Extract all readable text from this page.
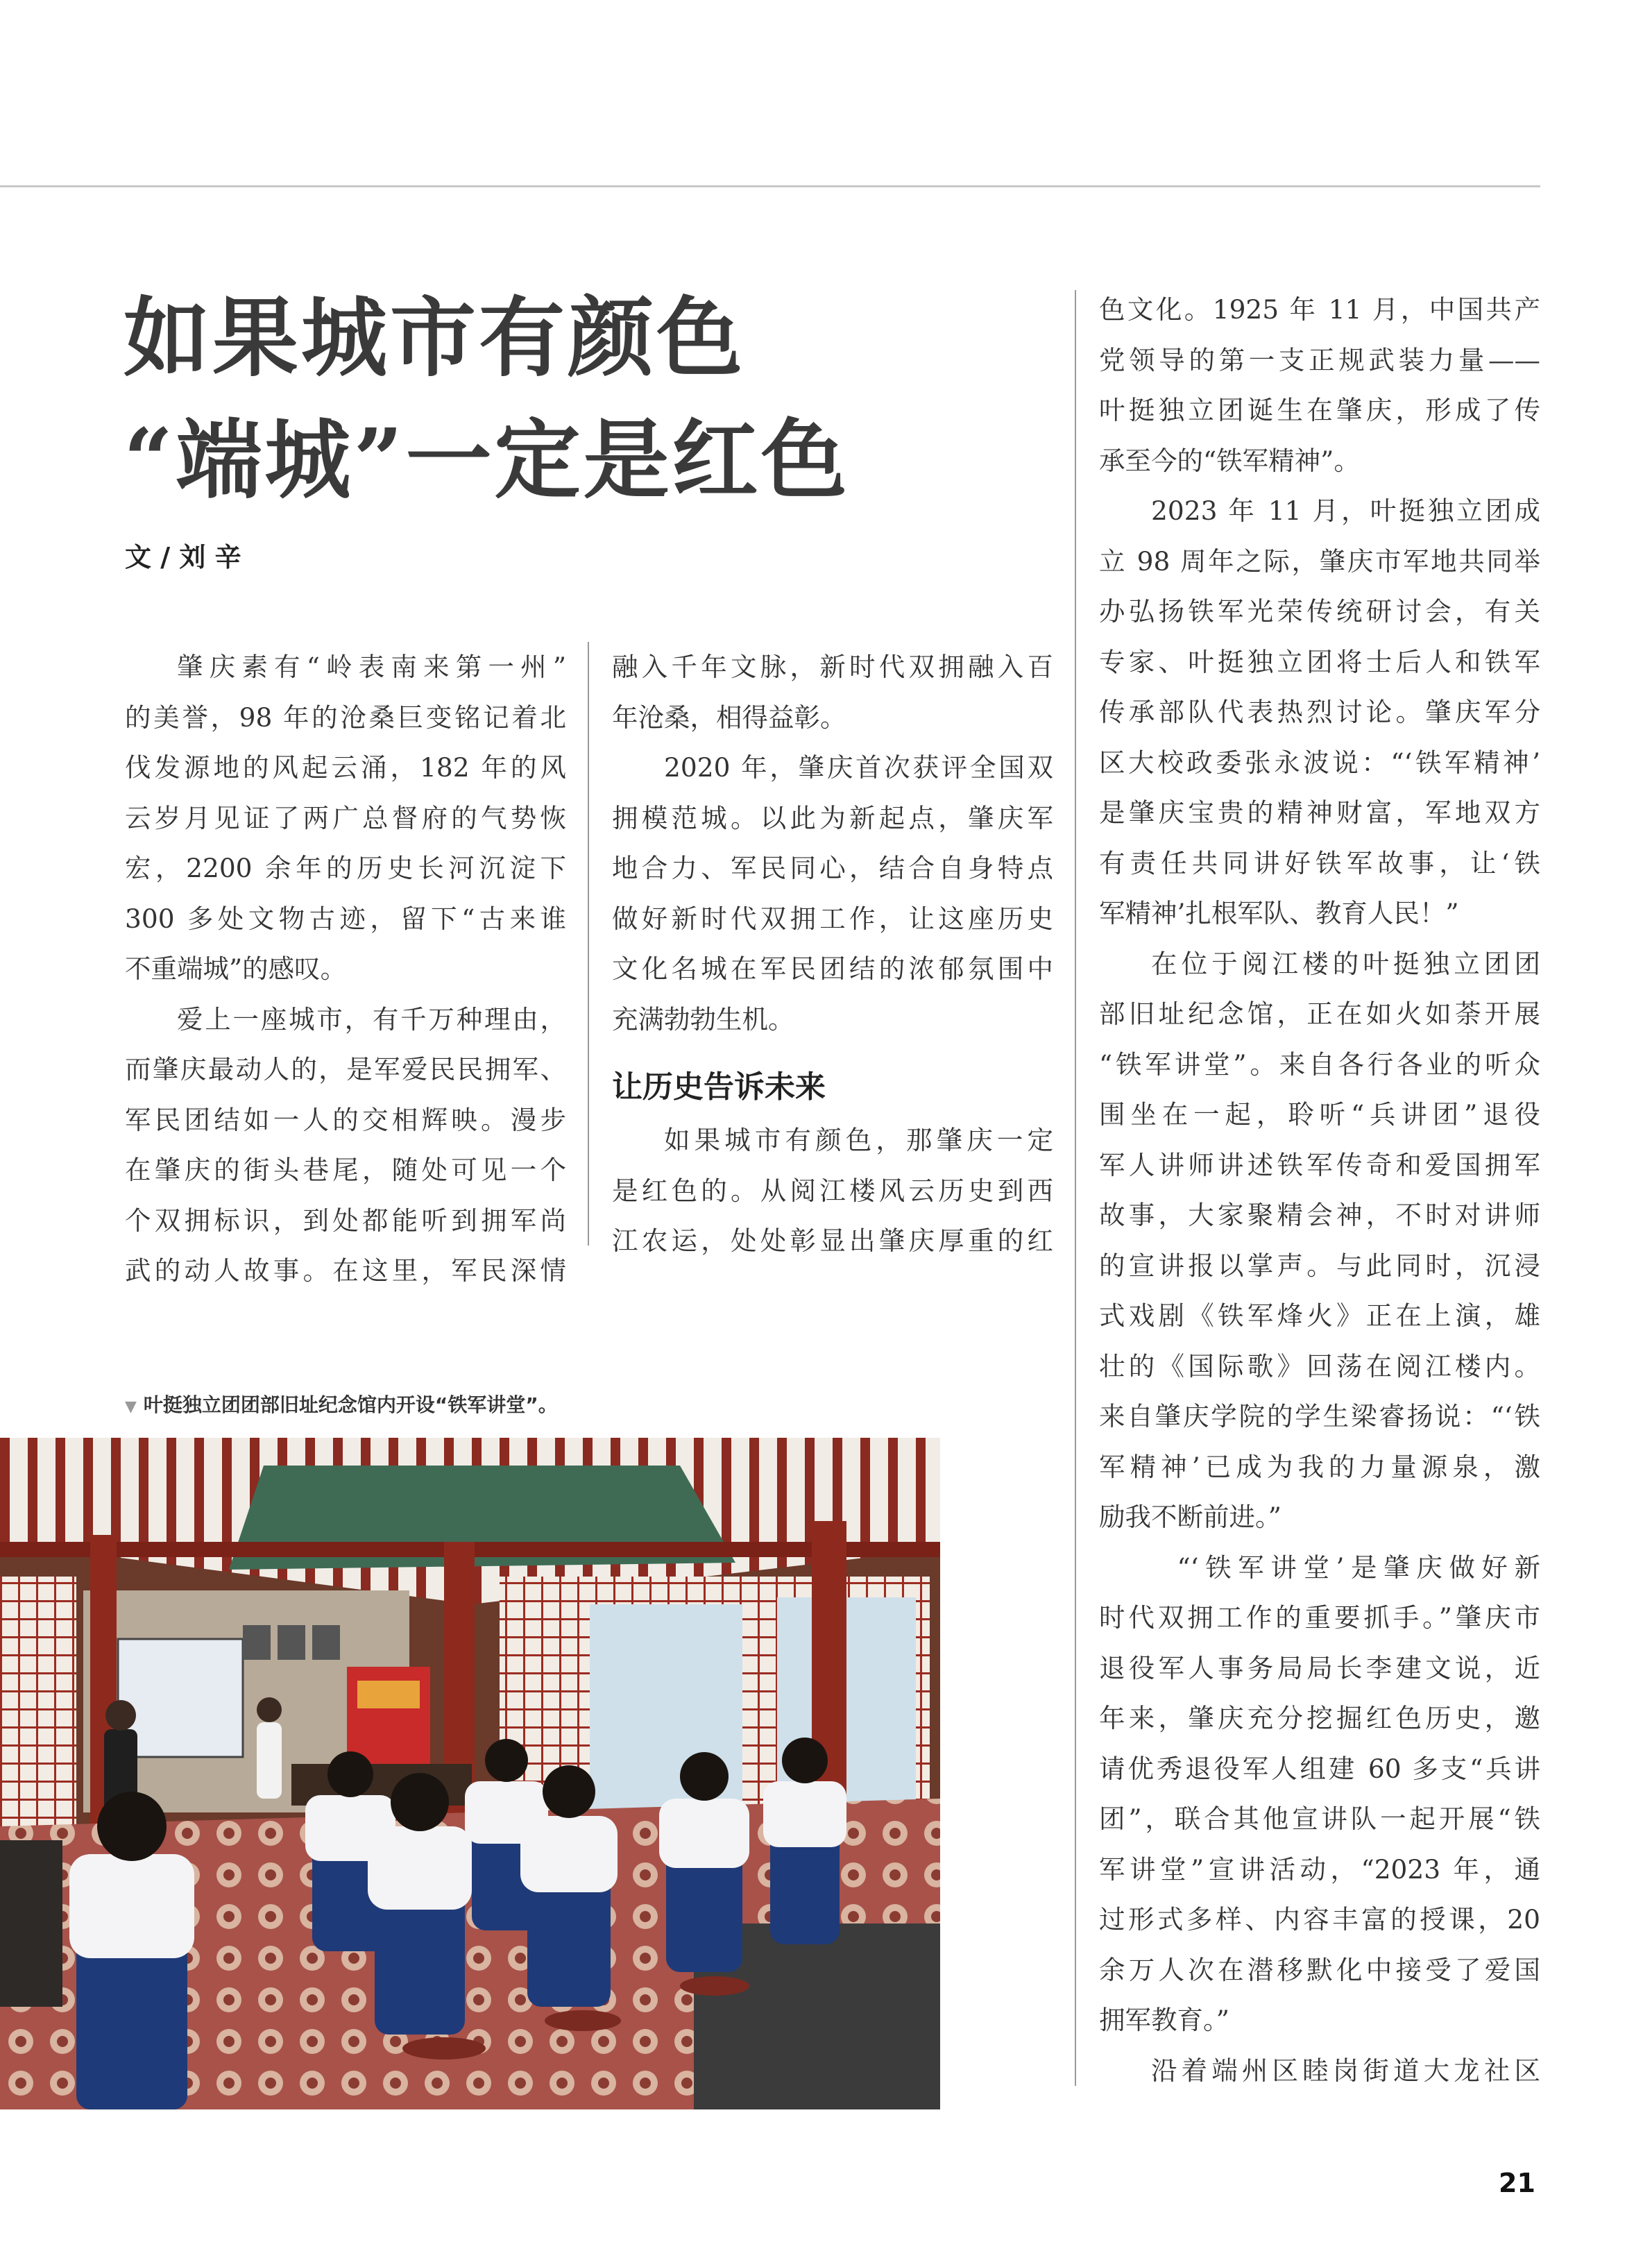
如果城市有颜色
“端城”一定是红色
文 / 刘 辛

肇庆素有“岭表南来第一州”

的美誉，98 年的沧桑巨变铭记着北

伐发源地的风起云涌，182 年的风

云岁月见证了两广总督府的气势恢

宏，2200 余年的历史长河沉淀下

300 多处文物古迹，留下“古来谁

不重端城”的感叹。

爱上一座城市，有千万种理由，

而肇庆最动人的，是军爱民民拥军、

军民团结如一人的交相辉映。漫步

在肇庆的街头巷尾，随处可见一个

个双拥标识，到处都能听到拥军尚

武的动人故事。在这里，军民深情

融入千年文脉，新时代双拥融入百

年沧桑，相得益彰。

2020 年，肇庆首次获评全国双

拥模范城。以此为新起点，肇庆军

地合力、军民同心，结合自身特点

做好新时代双拥工作，让这座历史

文化名城在军民团结的浓郁氛围中

充满勃勃生机。

让历史告诉未来

如果城市有颜色，那肇庆一定

是红色的。从阅江楼风云历史到西

江农运，处处彰显出肇庆厚重的红

色文化。1925 年 11 月，中国共产

党领导的第一支正规武装力量——

叶挺独立团诞生在肇庆，形成了传

承至今的“铁军精神”。

2023 年 11 月，叶挺独立团成

立 98 周年之际，肇庆市军地共同举

办弘扬铁军光荣传统研讨会，有关

专家、叶挺独立团将士后人和铁军

传承部队代表热烈讨论。肇庆军分

区大校政委张永波说：“‘铁军精神’

是肇庆宝贵的精神财富，军地双方

有责任共同讲好铁军故事，让‘铁

军精神’扎根军队、教育人民！”

在位于阅江楼的叶挺独立团团

部旧址纪念馆，正在如火如荼开展

“铁军讲堂”。来自各行各业的听众

围坐在一起，聆听“兵讲团”退役

军人讲师讲述铁军传奇和爱国拥军

故事，大家聚精会神，不时对讲师

的宣讲报以掌声。与此同时，沉浸

式戏剧《铁军烽火》正在上演，雄

壮的《国际歌》回荡在阅江楼内。

来自肇庆学院的学生梁睿扬说：“‘铁

军精神’已成为我的力量源泉，激

励我不断前进。”

“‘铁军讲堂’是肇庆做好新

时代双拥工作的重要抓手。”肇庆市

退役军人事务局局长李建文说，近

年来，肇庆充分挖掘红色历史，邀

请优秀退役军人组建 60 多支“兵讲

团”，联合其他宣讲队一起开展“铁

军讲堂”宣讲活动，“2023 年，通

过形式多样、内容丰富的授课，20

余万人次在潜移默化中接受了爱国

拥军教育。”

沿着端州区睦岗街道大龙社区

▼ 叶挺独立团团部旧址纪念馆内开设“铁军讲堂”。
21
